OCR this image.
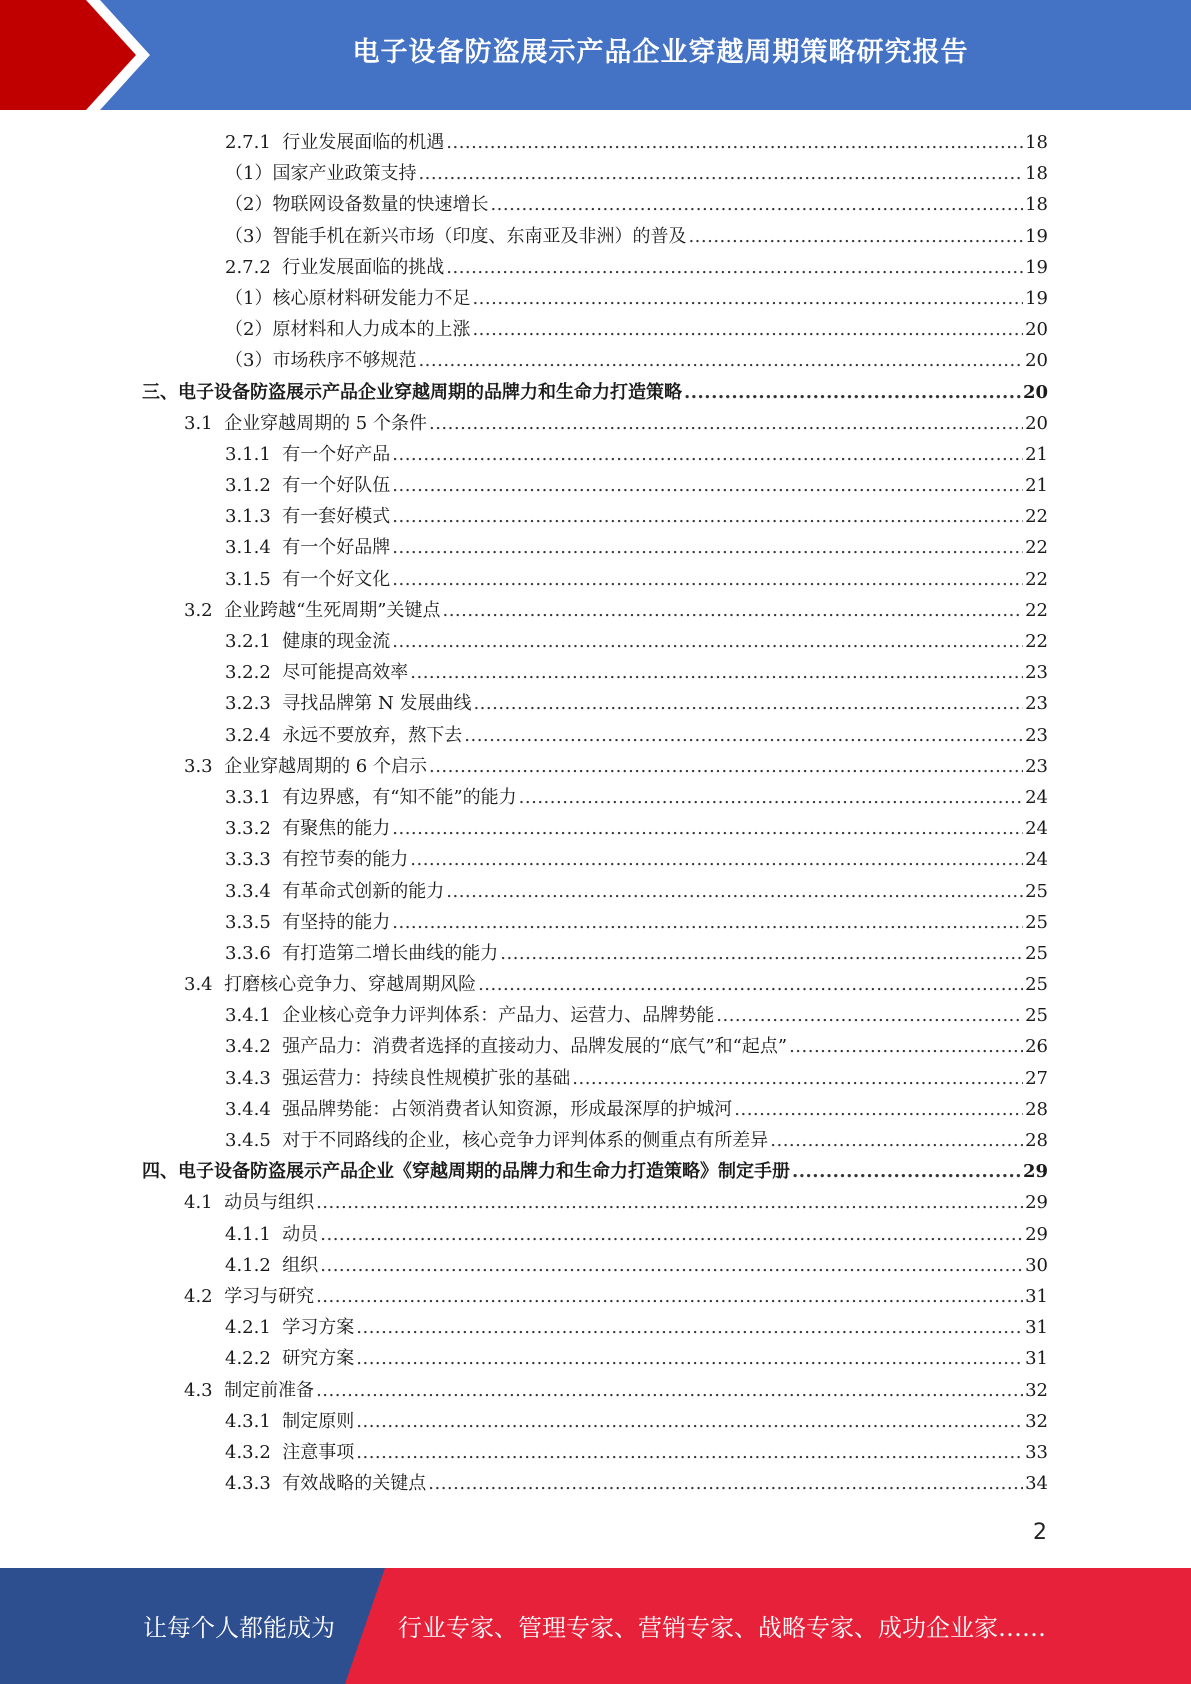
电子设备防盗展示产品企业穿越周期策略研究报告
2.7.1 行业发展面临的机遇 .....	18
（1） 国家产业政策支持 .....	18
（2） 物联网设备数量的快速增长 .....	18
（3） 智能手机在新兴市场（印度、东南亚及非洲）的普及 .....	19
2.7.2 行业发展面临的挑战 .....	19
（1） 核心原材料研发能力不足 .....	19
（2） 原材料和人力成本的上涨 .....	20
（3） 市场秩序不够规范 .....	20
三、 电子设备防盗展示产品企业穿越周期的品牌力和生命力打造策略 .....	20
3.1 企业穿越周期的 5 个条件 .....	20
3.1.1 有一个好产品 .....	21
3.1.2 有一个好队伍 .....	21
3.1.3 有一套好模式 .....	22
3.1.4 有一个好品牌 .....	22
3.1.5 有一个好文化 .....	22
3.2 企业跨越“生死周期”关键点 .....	22
3.2.1 健康的现金流 .....	22
3.2.2 尽可能提高效率 .....	23
3.2.3 寻找品牌第 N 发展曲线 .....	23
3.2.4 永远不要放弃，熬下去 .....	23
3.3 企业穿越周期的 6 个启示 .....	23
3.3.1 有边界感，有“知不能”的能力 .....	24
3.3.2 有聚焦的能力 .....	24
3.3.3 有控节奏的能力 .....	24
3.3.4 有革命式创新的能力 .....	25
3.3.5 有坚持的能力 .....	25
3.3.6 有打造第二增长曲线的能力 .....	25
3.4 打磨核心竞争力、穿越周期风险 .....	25
3.4.1 企业核心竞争力评判体系：产品力、运营力、品牌势能 .....	25
3.4.2 强产品力：消费者选择的直接动力、品牌发展的“底气”和“起点” .....	26
3.4.3 强运营力：持续良性规模扩张的基础 .....	27
3.4.4 强品牌势能：占领消费者认知资源，形成最深厚的护城河 .....	28
3.4.5 对于不同路线的企业，核心竞争力评判体系的侧重点有所差异 .....	28
四、 电子设备防盗展示产品企业《穿越周期的品牌力和生命力打造策略》制定手册 .....	29
4.1 动员与组织 .....	29
4.1.1 动员 .....	29
4.1.2 组织 .....	30
4.2 学习与研究 .....	31
4.2.1 学习方案 .....	31
4.2.2 研究方案 .....	31
4.3 制定前准备 .....	32
4.3.1 制定原则 .....	32
4.3.2 注意事项 .....	33
4.3.3 有效战略的关键点 .....	34
2
让每个人都能成为	行业专家、管理专家、营销专家、战略专家、成功企业家……
